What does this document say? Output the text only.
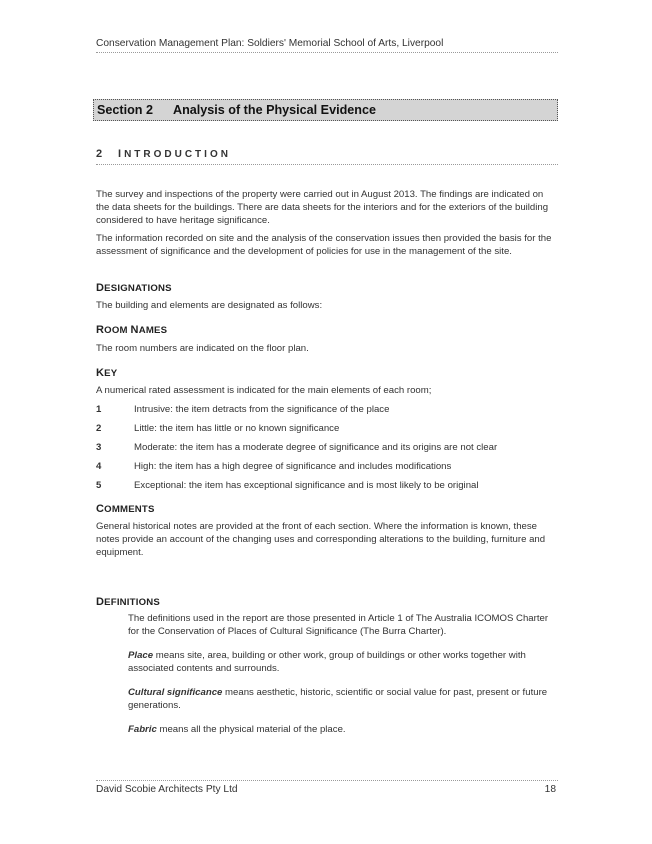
Conservation Management Plan: Soldiers' Memorial School of Arts, Liverpool
Section 2 Analysis of the Physical Evidence
2 INTRODUCTION

The survey and inspections of the property were carried out in August 2013. The findings are indicated on the data sheets for the buildings. There are data sheets for the interiors and for the exteriors of the building considered to have heritage significance.

The information recorded on site and the analysis of the conservation issues then provided the basis for the assessment of significance and the development of policies for use in the management of the site.

DESIGNATIONS

The building and elements are designated as follows:

ROOM NAMES

The room numbers are indicated on the floor plan.

KEY

A numerical rated assessment is indicated for the main elements of each room;

1	Intrusive: the item detracts from the significance of the place
2	Little: the item has little or no known significance
3	Moderate: the item has a moderate degree of significance and its origins are not clear
4	High: the item has a high degree of significance and includes modifications
5	Exceptional: the item has exceptional significance and is most likely to be original
COMMENTS

General historical notes are provided at the front of each section. Where the information is known, these notes provide an account of the changing uses and corresponding alterations to the building, furniture and equipment.

DEFINITIONS

The definitions used in the report are those presented in Article 1 of The Australia ICOMOS Charter for the Conservation of Places of Cultural Significance (The Burra Charter).

Place means site, area, building or other work, group of buildings or other works together with associated contents and surrounds.

Cultural significance means aesthetic, historic, scientific or social value for past, present or future generations.

Fabric means all the physical material of the place.

David Scobie Architects Pty Ltd	18
